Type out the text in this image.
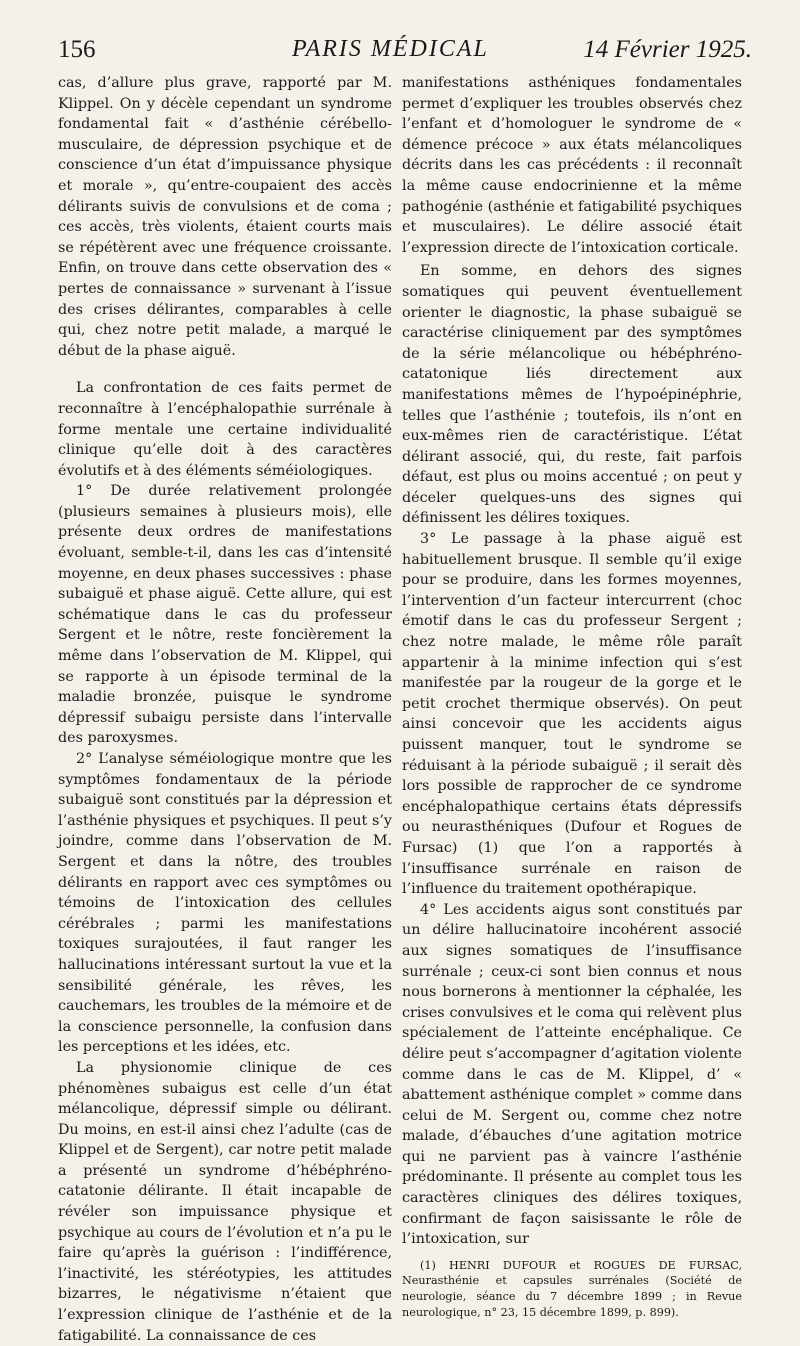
156	PARIS MÉDICAL	14 Février 1925.

cas, d’allure plus grave, rapporté par M. Klippel. On y décèle cependant un syndrome fondamental fait « d’asthénie cérébello-musculaire, de dépression psychique et de conscience d’un état d’impuissance physique et morale », qu’entre-coupaient des accès délirants suivis de convulsions et de coma ; ces accès, très violents, étaient courts mais se répétèrent avec une fréquence croissante. Enfin, on trouve dans cette observation des « pertes de connaissance » survenant à l’issue des crises délirantes, comparables à celle qui, chez notre petit malade, a marqué le début de la phase aiguë.

La confrontation de ces faits permet de reconnaître à l’encéphalopathie surrénale à forme mentale une certaine individualité clinique qu’elle doit à des caractères évolutifs et à des éléments séméiologiques.

1° De durée relativement prolongée (plusieurs semaines à plusieurs mois), elle présente deux ordres de manifestations évoluant, semble-t-il, dans les cas d’intensité moyenne, en deux phases successives : phase subaiguë et phase aiguë. Cette allure, qui est schématique dans le cas du professeur Sergent et le nôtre, reste foncièrement la même dans l’observation de M. Klippel, qui se rapporte à un épisode terminal de la maladie bronzée, puisque le syndrome dépressif subaigu persiste dans l’intervalle des paroxysmes.

2° L’analyse séméiologique montre que les symptômes fondamentaux de la période subaiguë sont constitués par la dépression et l’asthénie physiques et psychiques. Il peut s’y joindre, comme dans l’observation de M. Sergent et dans la nôtre, des troubles délirants en rapport avec ces symptômes ou témoins de l’intoxication des cellules cérébrales ; parmi les manifestations toxiques surajoutées, il faut ranger les hallucinations intéressant surtout la vue et la sensibilité générale, les rêves, les cauchemars, les troubles de la mémoire et de la conscience personnelle, la confusion dans les perceptions et les idées, etc.

La physionomie clinique de ces phénomènes subaigus est celle d’un état mélancolique, dépressif simple ou délirant. Du moins, en est-il ainsi chez l’adulte (cas de Klippel et de Sergent), car notre petit malade a présenté un syndrome d’hébéphréno-catatonie délirante. Il était incapable de révéler son impuissance physique et psychique au cours de l’évolution et n’a pu le faire qu’après la guérison : l’indifférence, l’inactivité, les stéréotypies, les attitudes bizarres, le négativisme n’étaient que l’expression clinique de l’asthénie et de la fatigabilité. La connaissance de ces

manifestations asthéniques fondamentales permet d’expliquer les troubles observés chez l’enfant et d’homologuer le syndrome de « démence précoce » aux états mélancoliques décrits dans les cas précédents : il reconnaît la même cause endocrinienne et la même pathogénie (asthénie et fatigabilité psychiques et musculaires). Le délire associé était l’expression directe de l’intoxication corticale.

En somme, en dehors des signes somatiques qui peuvent éventuellement orienter le diagnostic, la phase subaiguë se caractérise cliniquement par des symptômes de la série mélancolique ou hébéphréno-catatonique liés directement aux manifestations mêmes de l’hypoépinéphrie, telles que l’asthénie ; toutefois, ils n’ont en eux-mêmes rien de caractéristique. L’état délirant associé, qui, du reste, fait parfois défaut, est plus ou moins accentué ; on peut y déceler quelques-uns des signes qui définissent les délires toxiques.

3° Le passage à la phase aiguë est habituellement brusque. Il semble qu’il exige pour se produire, dans les formes moyennes, l’intervention d’un facteur intercurrent (choc émotif dans le cas du professeur Sergent ; chez notre malade, le même rôle paraît appartenir à la minime infection qui s’est manifestée par la rougeur de la gorge et le petit crochet thermique observés). On peut ainsi concevoir que les accidents aigus puissent manquer, tout le syndrome se réduisant à la période subaiguë ; il serait dès lors possible de rapprocher de ce syndrome encéphalopathique certains états dépressifs ou neurasthéniques (Dufour et Rogues de Fursac) (1) que l’on a rapportés à l’insuffisance surrénale en raison de l’influence du traitement opothérapique.

4° Les accidents aigus sont constitués par un délire hallucinatoire incohérent associé aux signes somatiques de l’insuffisance surrénale ; ceux-ci sont bien connus et nous nous bornerons à mentionner la céphalée, les crises convulsives et le coma qui relèvent plus spécialement de l’atteinte encéphalique. Ce délire peut s’accompagner d’agitation violente comme dans le cas de M. Klippel, d’ « abattement asthénique complet » comme dans celui de M. Sergent ou, comme chez notre malade, d’ébauches d’une agitation motrice qui ne parvient pas à vaincre l’asthénie prédominante. Il présente au complet tous les caractères cliniques des délires toxiques, confirmant de façon saisissante le rôle de l’intoxication, sur

(1) HENRI DUFOUR et ROGUES DE FURSAC, Neurasthénie et capsules surrénales (Société de neurologie, séance du 7 décembre 1899 ; in Revue neurologique, n° 23, 15 décembre 1899, p. 899).
